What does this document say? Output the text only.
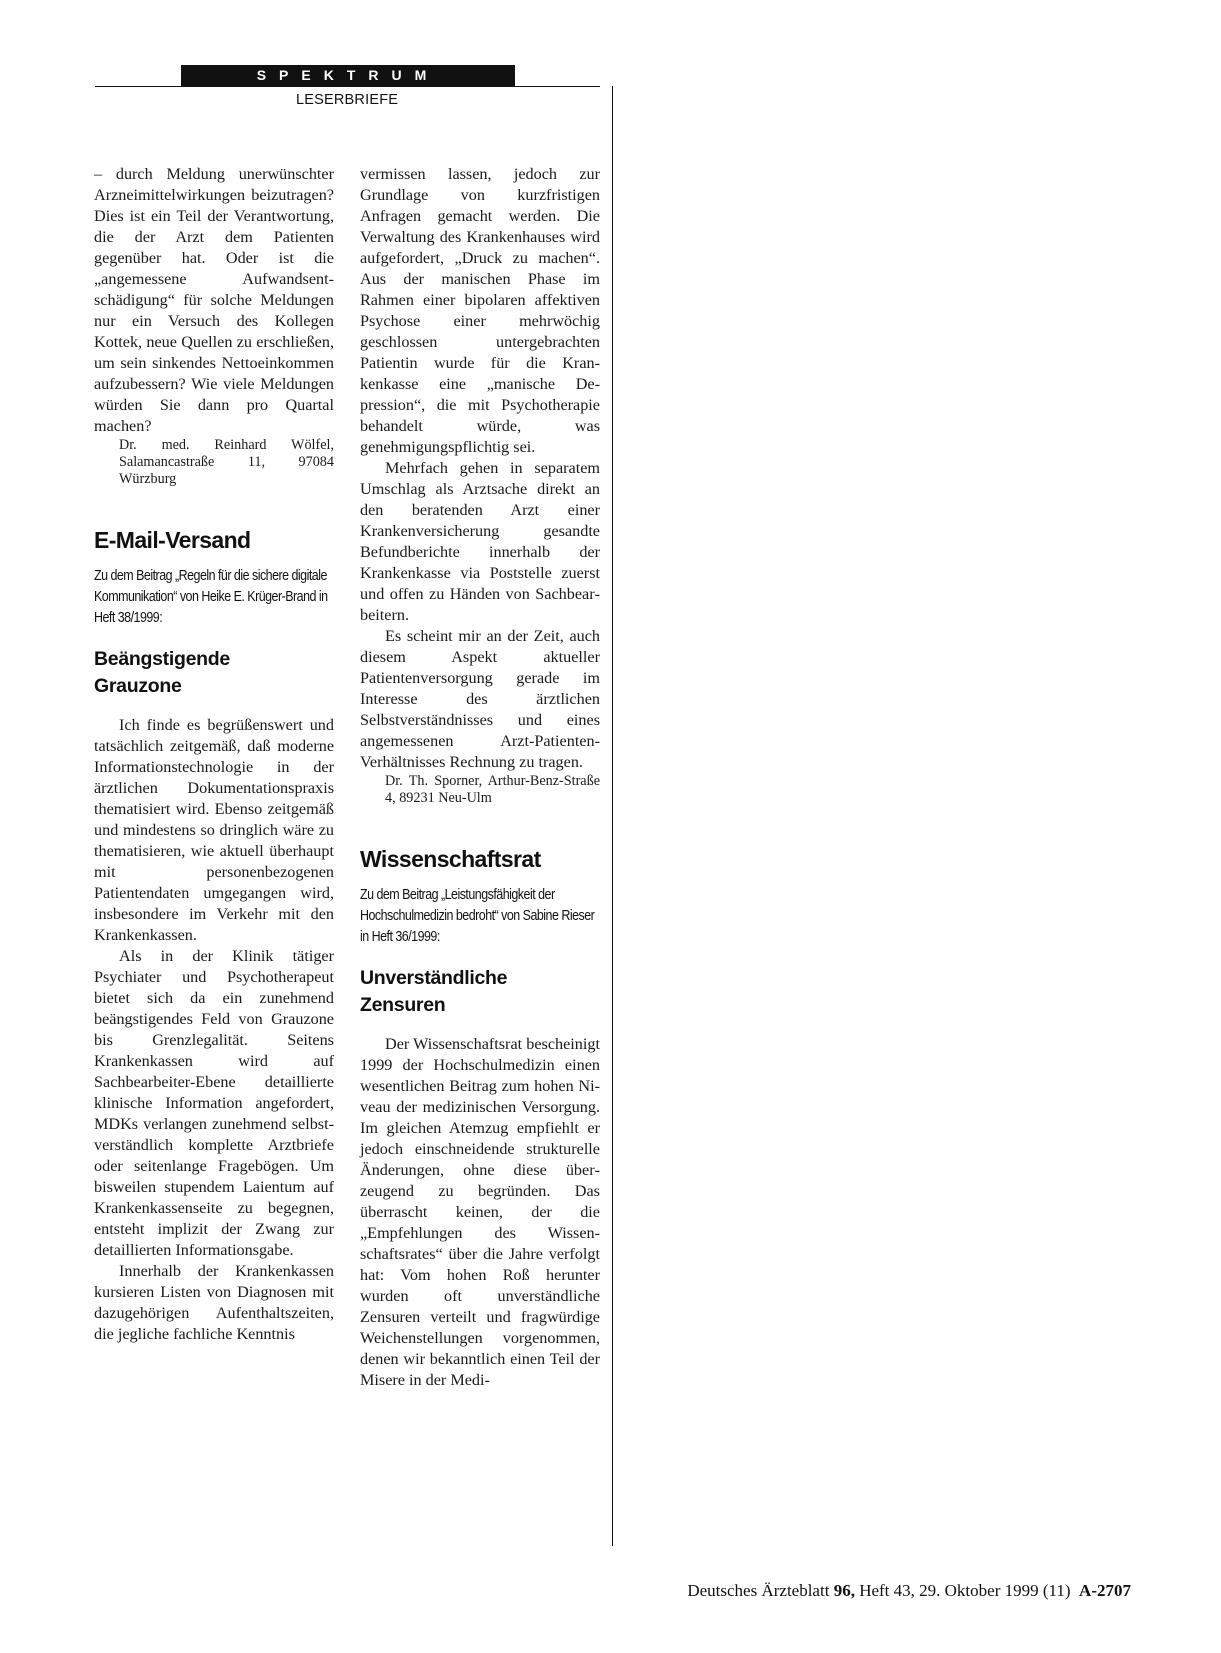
SPEKTRUM
LESERBRIEFE

– durch Meldung unerwünschter Arzneimittelwirkungen beizutragen? Dies ist ein Teil der Verantwortung, die der Arzt dem Patienten gegenüber hat. Oder ist die „angemessene Aufwandsentschädigung“ für solche Meldungen nur ein Versuch des Kollegen Kottek, neue Quellen zu erschließen, um sein sinkendes Nettoeinkommen aufzubessern? Wie viele Meldungen würden Sie dann pro Quartal machen?

Dr. med. Reinhard Wölfel, Salamancastraße 11, 97084 Würzburg

E-Mail-Versand

Zu dem Beitrag „Regeln für die sichere digitale Kommunikation“ von Heike E. Krüger-Brand in Heft 38/1999:

Beängstigende
Grauzone

Ich finde es begrüßenswert und tatsächlich zeitgemäß, daß moderne Informationstechnologie in der ärztlichen Dokumentationspraxis thematisiert wird. Ebenso zeitgemäß und mindestens so dringlich wäre zu thematisieren, wie aktuell überhaupt mit personenbezogenen Patientendaten umgegangen wird, insbesondere im Verkehr mit den Krankenkassen.

Als in der Klinik tätiger Psychiater und Psychotherapeut bietet sich da ein zunehmend beängstigendes Feld von Grauzone bis Grenzlegalität. Seitens Krankenkassen wird auf Sachbearbeiter-Ebene detaillierte klinische Information angefordert, MDKs verlangen zunehmend selbstverständlich komplette Arztbriefe oder seitenlange Fragebögen. Um bisweilen stupendem Laientum auf Krankenkassenseite zu begegnen, entsteht implizit der Zwang zur detaillierten Informationsgabe.

Innerhalb der Krankenkassen kursieren Listen von Diagnosen mit dazugehörigen Aufenthaltszeiten, die jegliche fachliche Kenntnis

vermissen lassen, jedoch zur Grundlage von kurzfristigen Anfragen gemacht werden. Die Verwaltung des Krankenhauses wird aufgefordert, „Druck zu machen“. Aus der manischen Phase im Rahmen einer bipolaren affektiven Psychose einer mehrwöchig geschlossen untergebrachten Patientin wurde für die Krankenkasse eine „manische Depression“, die mit Psychotherapie behandelt würde, was genehmigungspflichtig sei.

Mehrfach gehen in separatem Umschlag als Arztsache direkt an den beratenden Arzt einer Krankenversicherung gesandte Befundberichte innerhalb der Krankenkasse via Poststelle zuerst und offen zu Händen von Sachbearbeitern.

Es scheint mir an der Zeit, auch diesem Aspekt aktueller Patientenversorgung gerade im Interesse des ärztlichen Selbstverständnisses und eines angemessenen Arzt-Patienten-Verhältnisses Rechnung zu tragen.

Dr. Th. Sporner, Arthur-Benz-Straße 4, 89231 Neu-Ulm

Wissenschaftsrat

Zu dem Beitrag „Leistungsfähigkeit der Hochschulmedizin bedroht“ von Sabine Rieser in Heft 36/1999:

Unverständliche
Zensuren

Der Wissenschaftsrat bescheinigt 1999 der Hochschulmedizin einen wesentlichen Beitrag zum hohen Niveau der medizinischen Versorgung. Im gleichen Atemzug empfiehlt er jedoch einschneidende strukturelle Änderungen, ohne diese überzeugend zu begründen. Das überrascht keinen, der die „Empfehlungen des Wissenschaftsrates“ über die Jahre verfolgt hat: Vom hohen Roß herunter wurden oft unverständliche Zensuren verteilt und fragwürdige Weichenstellungen vorgenommen, denen wir bekanntlich einen Teil der Misere in der Medi-

Deutsches Ärzteblatt 96, Heft 43, 29. Oktober 1999 (11) A-2707
